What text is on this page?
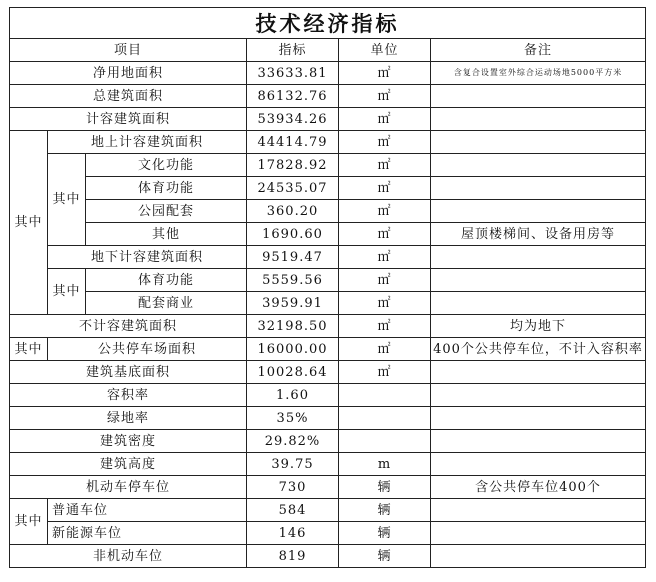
技术经济指标					
项目			指标	单位	备注
净用地面积			33633.81	㎡	含复合设置室外综合运动场地5000平方米
总建筑面积			86132.76	㎡	
计容建筑面积			53934.26	㎡	
其中	地上计容建筑面积		44414.79	㎡	
	其中	文化功能	17828.92	㎡	
		体育功能	24535.07	㎡	
		公园配套	360.20	㎡	
		其他	1690.60	㎡	屋顶楼梯间、设备用房等
	地下计容建筑面积		9519.47	㎡	
	其中	体育功能	5559.56	㎡	
		配套商业	3959.91	㎡	
不计容建筑面积			32198.50	㎡	均为地下
其中	公共停车场面积		16000.00	㎡	400个公共停车位，不计入容积率
建筑基底面积			10028.64	㎡	
容积率			1.60		
绿地率			35%		
建筑密度			29.82%		
建筑高度			39.75	m	
机动车停车位			730	辆	含公共停车位400个
其中	普通车位		584	辆	
	新能源车位		146	辆	
非机动车位			819	辆	
